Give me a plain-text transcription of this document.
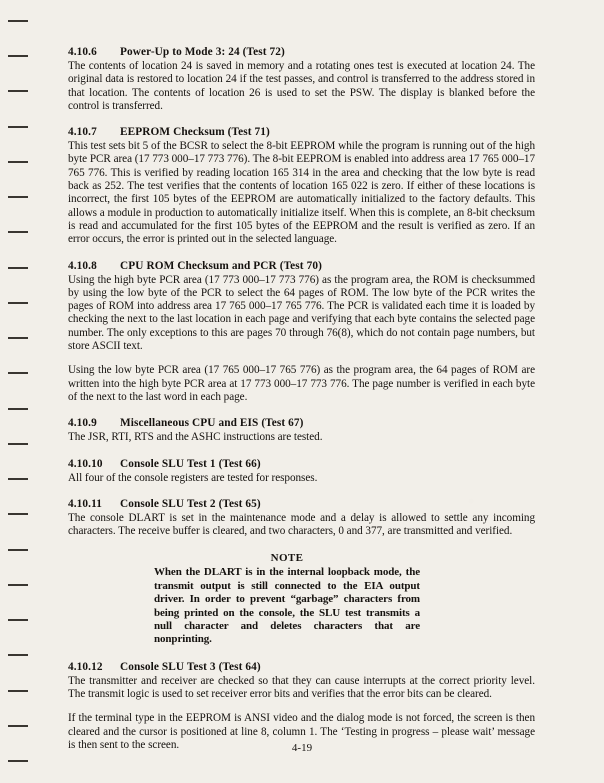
4.10.6 Power-Up to Mode 3: 24 (Test 72)

The contents of location 24 is saved in memory and a rotating ones test is executed at location 24. The original data is restored to location 24 if the test passes, and control is transferred to the address stored in that location. The contents of location 26 is used to set the PSW. The display is blanked before the control is transferred.

4.10.7 EEPROM Checksum (Test 71)

This test sets bit 5 of the BCSR to select the 8-bit EEPROM while the program is running out of the high byte PCR area (17 773 000–17 773 776). The 8-bit EEPROM is enabled into address area 17 765 000–17 765 776. This is verified by reading location 165 314 in the area and checking that the low byte is read back as 252. The test verifies that the contents of location 165 022 is zero. If either of these locations is incorrect, the first 105 bytes of the EEPROM are automatically initialized to the factory defaults. This allows a module in production to automatically initialize itself. When this is complete, an 8-bit checksum is read and accumulated for the first 105 bytes of the EEPROM and the result is verified as zero. If an error occurs, the error is printed out in the selected language.

4.10.8 CPU ROM Checksum and PCR (Test 70)

Using the high byte PCR area (17 773 000–17 773 776) as the program area, the ROM is checksummed by using the low byte of the PCR to select the 64 pages of ROM. The low byte of the PCR writes the pages of ROM into address area 17 765 000–17 765 776. The PCR is validated each time it is loaded by checking the next to the last location in each page and verifying that each byte contains the selected page number. The only exceptions to this are pages 70 through 76(8), which do not contain page numbers, but store ASCII text.

Using the low byte PCR area (17 765 000–17 765 776) as the program area, the 64 pages of ROM are written into the high byte PCR area at 17 773 000–17 773 776. The page number is verified in each byte of the next to the last word in each page.

4.10.9 Miscellaneous CPU and EIS (Test 67)

The JSR, RTI, RTS and the ASHC instructions are tested.

4.10.10 Console SLU Test 1 (Test 66)

All four of the console registers are tested for responses.

4.10.11 Console SLU Test 2 (Test 65)

The console DLART is set in the maintenance mode and a delay is allowed to settle any incoming characters. The receive buffer is cleared, and two characters, 0 and 377, are transmitted and verified.

NOTE

When the DLART is in the internal loopback mode, the transmit output is still connected to the EIA output driver. In order to prevent “garbage” characters from being printed on the console, the SLU test transmits a null character and deletes characters that are nonprinting.

4.10.12 Console SLU Test 3 (Test 64)

The transmitter and receiver are checked so that they can cause interrupts at the correct priority level. The transmit logic is used to set receiver error bits and verifies that the error bits can be cleared.

If the terminal type in the EEPROM is ANSI video and the dialog mode is not forced, the screen is then cleared and the cursor is positioned at line 8, column 1. The ‘Testing in progress – please wait’ message is then sent to the screen.	4-19
